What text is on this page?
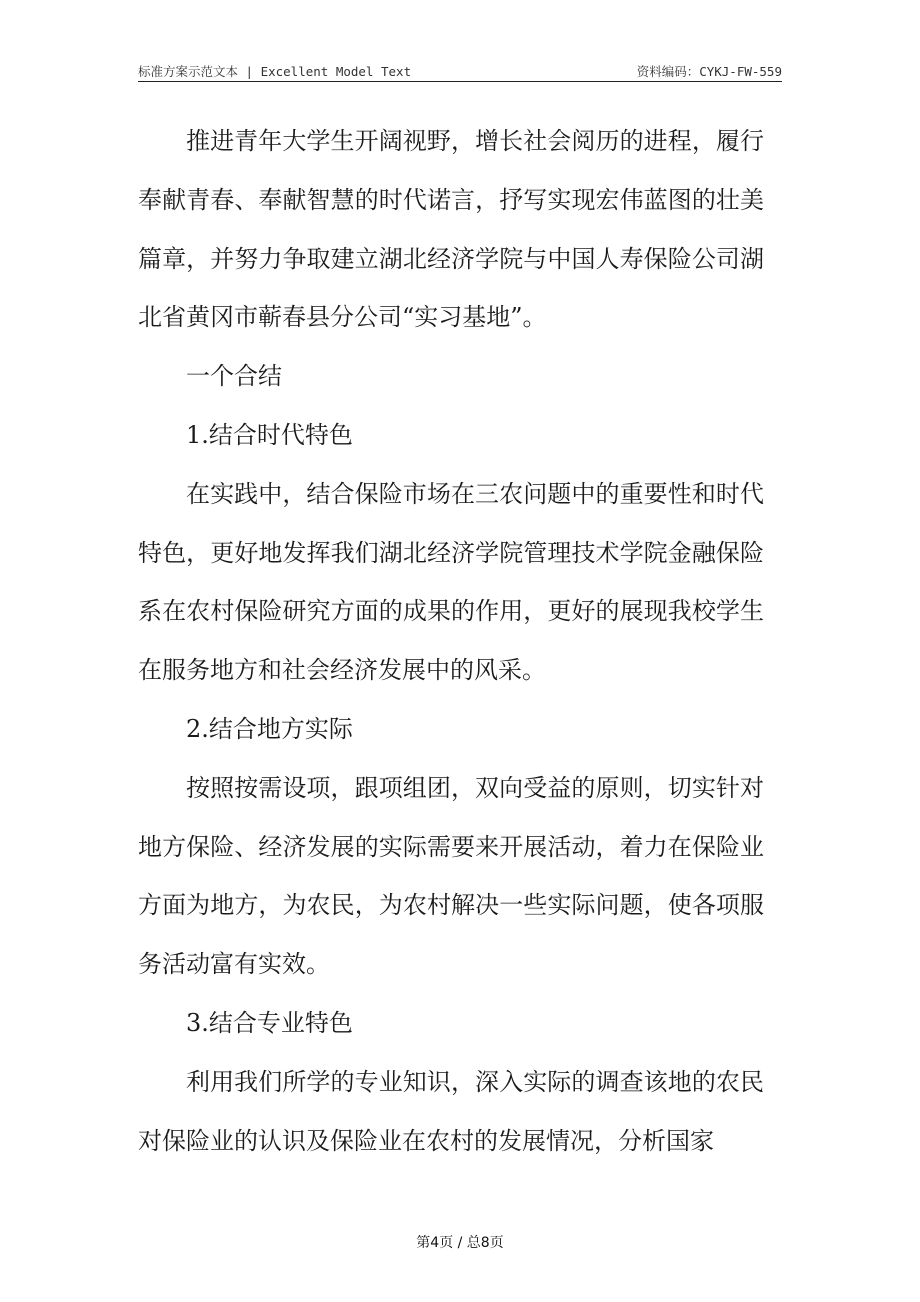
标准方案示范文本 | Excellent Model Text	资料编码：CYKJ-FW-559

推进青年大学生开阔视野，增长社会阅历的进程，履行奉献青春、奉献智慧的时代诺言，抒写实现宏伟蓝图的壮美篇章，并努力争取建立湖北经济学院与中国人寿保险公司湖北省黄冈市蕲春县分公司“实习基地”。

一个合结

1.结合时代特色

在实践中，结合保险市场在三农问题中的重要性和时代特色，更好地发挥我们湖北经济学院管理技术学院金融保险系在农村保险研究方面的成果的作用，更好的展现我校学生在服务地方和社会经济发展中的风采。

2.结合地方实际

按照按需设项，跟项组团，双向受益的原则，切实针对地方保险、经济发展的实际需要来开展活动，着力在保险业方面为地方，为农民，为农村解决一些实际问题，使各项服务活动富有实效。

3.结合专业特色

利用我们所学的专业知识，深入实际的调查该地的农民对保险业的认识及保险业在农村的发展情况，分析国家

第4页 / 总8页
